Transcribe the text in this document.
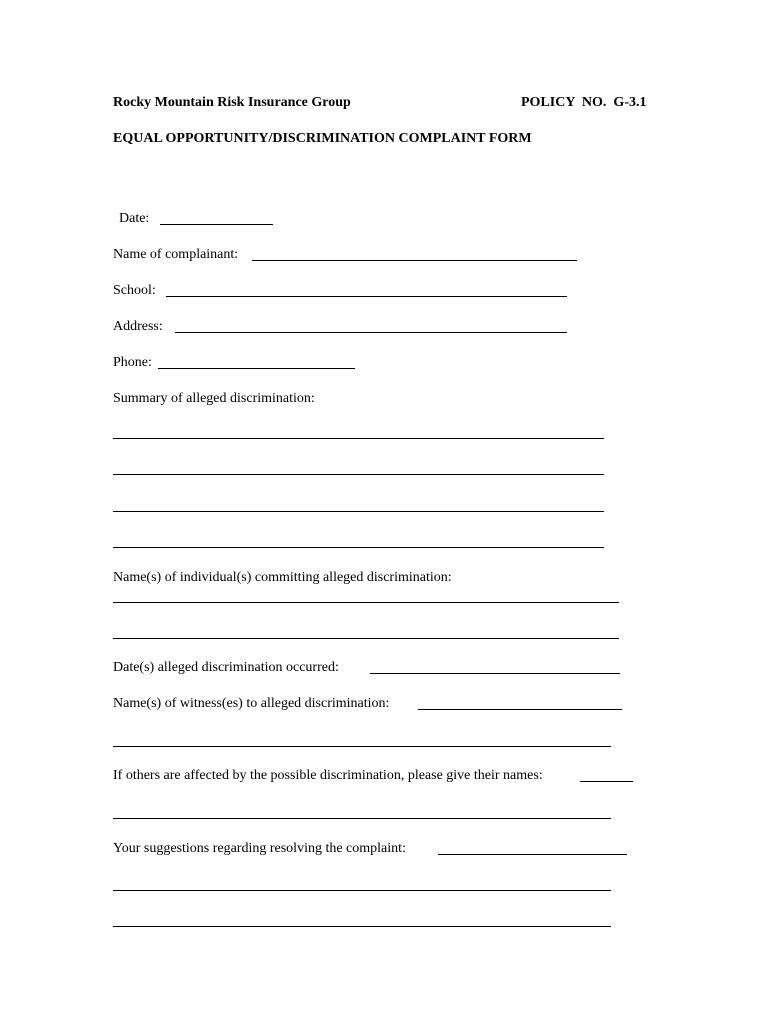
Rocky Mountain Risk Insurance Group	POLICY  NO.  G-3.1
EQUAL OPPORTUNITY/DISCRIMINATION COMPLAINT FORM
Date:
Name of complainant:
School:
Address:
Phone:
Summary of alleged discrimination:
Name(s) of individual(s) committing alleged discrimination:
Date(s) alleged discrimination occurred:
Name(s) of witness(es) to alleged discrimination:
If others are affected by the possible discrimination, please give their names:
Your suggestions regarding resolving the complaint:
